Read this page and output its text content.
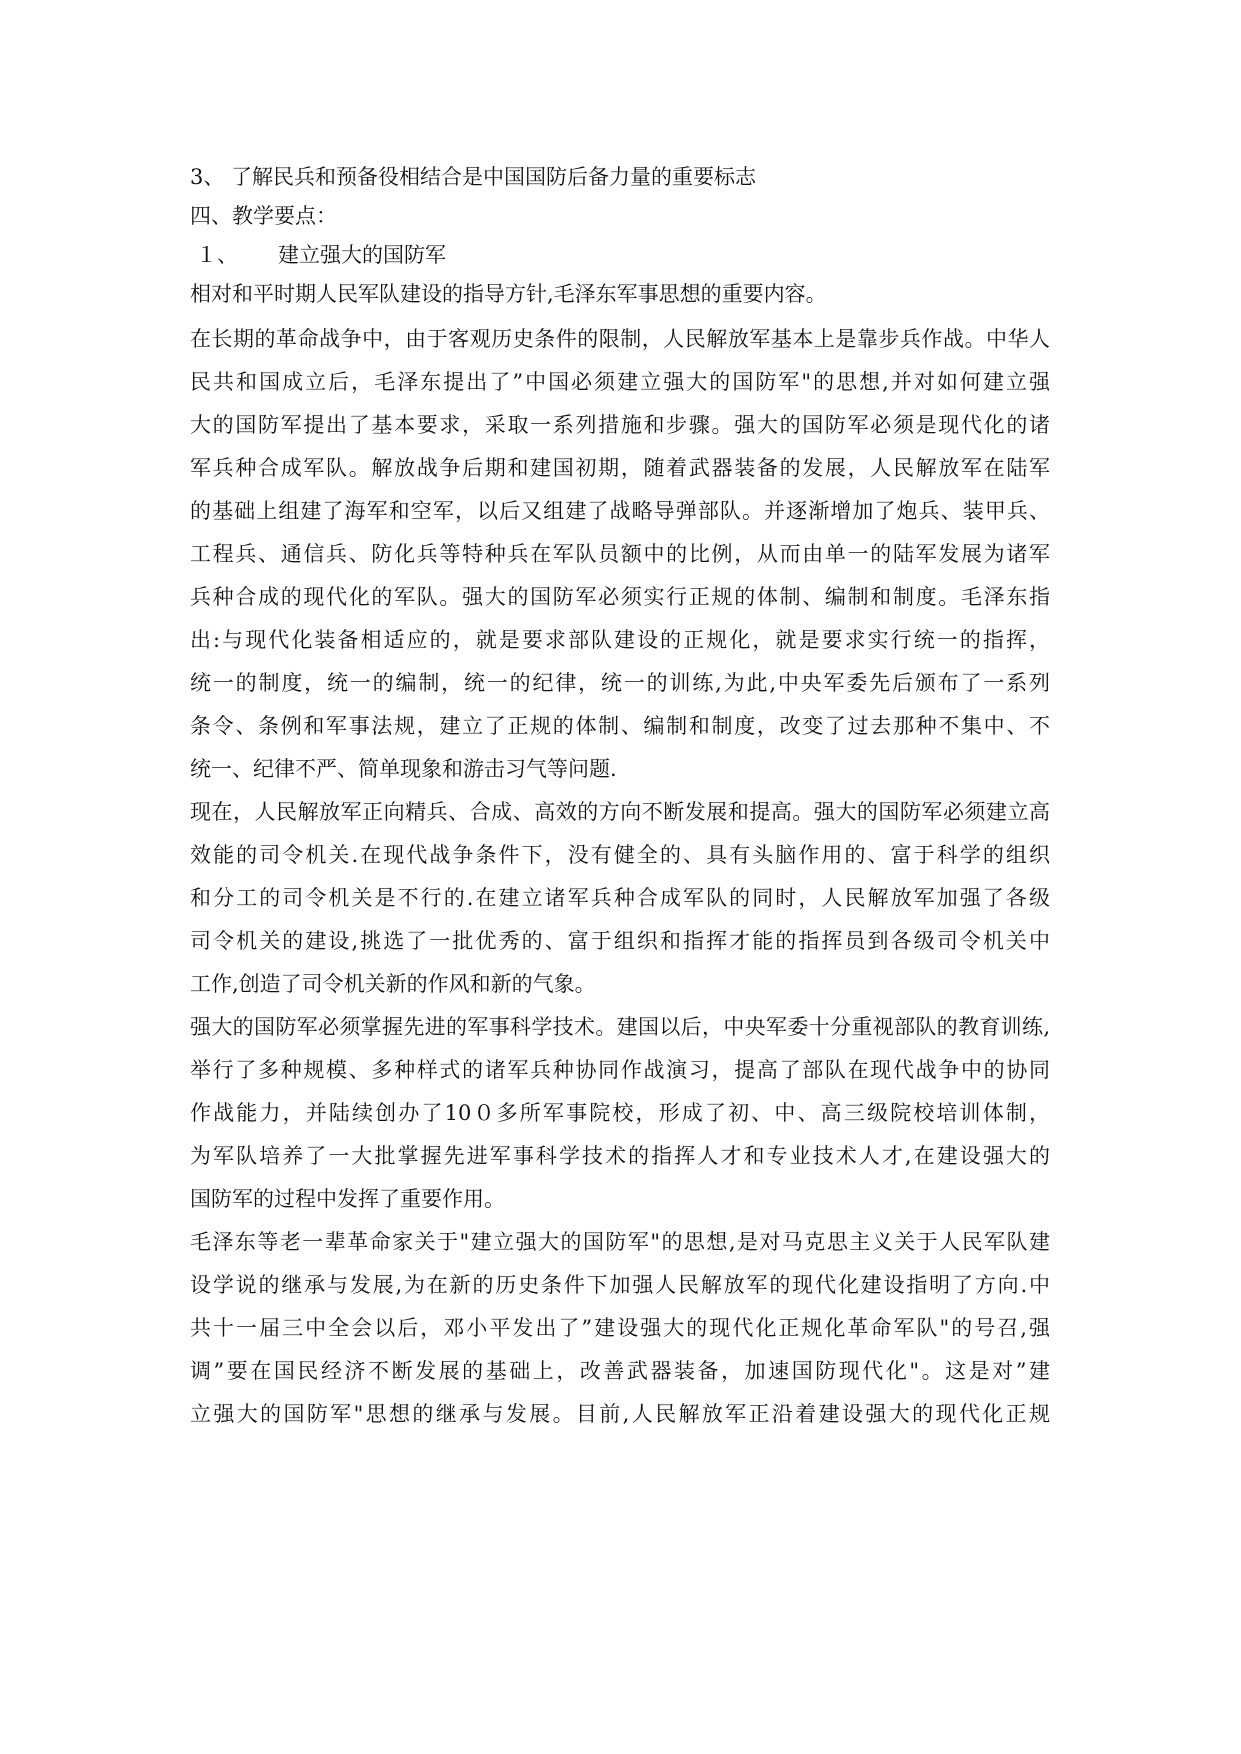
3、 了解民兵和预备役相结合是中国国防后备力量的重要标志

四、教学要点：

１、 建立强大的国防军

相对和平时期人民军队建设的指导方针,毛泽东军事思想的重要内容。

在长期的革命战争中，由于客观历史条件的限制，人民解放军基本上是靠步兵作战。中华人
民共和国成立后，毛泽东提出了”中国必须建立强大的国防军"的思想,并对如何建立强
大的国防军提出了基本要求，采取一系列措施和步骤。强大的国防军必须是现代化的诸
军兵种合成军队。解放战争后期和建国初期，随着武器装备的发展，人民解放军在陆军
的基础上组建了海军和空军，以后又组建了战略导弹部队。并逐渐增加了炮兵、装甲兵、
工程兵、通信兵、防化兵等特种兵在军队员额中的比例，从而由单一的陆军发展为诸军
兵种合成的现代化的军队。强大的国防军必须实行正规的体制、编制和制度。毛泽东指
出:与现代化装备相适应的，就是要求部队建设的正规化，就是要求实行统一的指挥，
统一的制度，统一的编制，统一的纪律，统一的训练,为此,中央军委先后颁布了一系列
条令、条例和军事法规，建立了正规的体制、编制和制度，改变了过去那种不集中、不
统一、纪律不严、简单现象和游击习气等问题.
现在，人民解放军正向精兵、合成、高效的方向不断发展和提高。强大的国防军必须建立高
效能的司令机关.在现代战争条件下，没有健全的、具有头脑作用的、富于科学的组织
和分工的司令机关是不行的.在建立诸军兵种合成军队的同时，人民解放军加强了各级
司令机关的建设,挑选了一批优秀的、富于组织和指挥才能的指挥员到各级司令机关中
工作,创造了司令机关新的作风和新的气象。
强大的国防军必须掌握先进的军事科学技术。建国以后，中央军委十分重视部队的教育训练,
举行了多种规模、多种样式的诸军兵种协同作战演习，提高了部队在现代战争中的协同
作战能力，并陆续创办了10０多所军事院校，形成了初、中、高三级院校培训体制，
为军队培养了一大批掌握先进军事科学技术的指挥人才和专业技术人才,在建设强大的
国防军的过程中发挥了重要作用。
毛泽东等老一辈革命家关于"建立强大的国防军"的思想,是对马克思主义关于人民军队建
设学说的继承与发展,为在新的历史条件下加强人民解放军的现代化建设指明了方向.中
共十一届三中全会以后，邓小平发出了”建设强大的现代化正规化革命军队"的号召,强
调”要在国民经济不断发展的基础上，改善武器装备，加速国防现代化"。这是对”建
立强大的国防军"思想的继承与发展。目前,人民解放军正沿着建设强大的现代化正规
